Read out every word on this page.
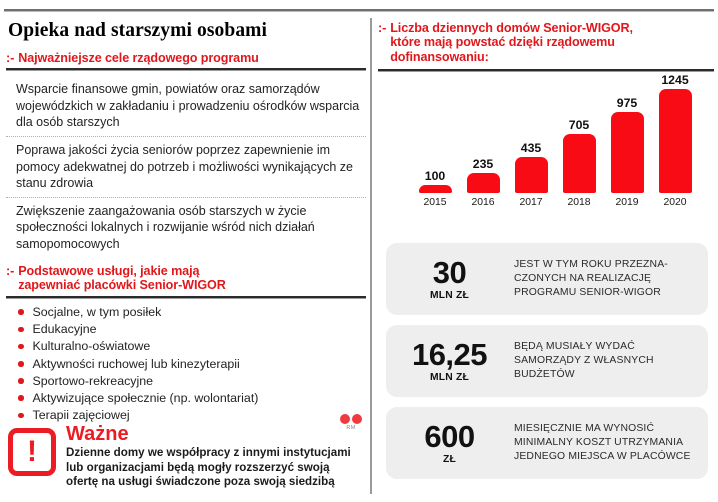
Opieka nad starszymi osobami
:- Najważniejsze cele rządowego programu
Wsparcie finansowe gmin, powiatów oraz samorządów wojewódzkich w zakładaniu i prowadzeniu ośrodków wsparcia dla osób starszych
Poprawa jakości życia seniorów poprzez zapewnienie im pomocy adekwatnej do potrzeb i możliwości wynikających ze stanu zdrowia
Zwiększenie zaangażowania osób starszych w życie społeczności lokalnych i rozwijanie wśród nich działań samopomocowych
:- Podstawowe usługi, jakie mają
zapewniać placówki Senior-WIGOR
Socjalne, w tym posiłek
Edukacyjne
Kulturalno-oświatowe
Aktywności ruchowej lub kinezyterapii
Sportowo-rekreacyjne
Aktywizujące społecznie (np. wolontariat)
Terapii zajęciowej
RM
!
Ważne
Dzienne domy we współpracy z innymi instytucjami lub organizacjami będą mogły rozszerzyć swoją ofertę na usługi świadczone poza swoją siedzibą
:- Liczba dziennych domów Senior-WIGOR,
które mają powstać dzięki rządowemu
dofinansowaniu:
100
235
435
705
975
1245
2015	2016	2017	2018	2019	2020
30
MLN ZŁ
JEST W TYM ROKU PRZEZNA-CZONYCH NA REALIZACJĘ PROGRAMU SENIOR-WIGOR
16,25
MLN ZŁ
BĘDĄ MUSIAŁY WYDAĆ SAMORZĄDY Z WŁASNYCH BUDŻETÓW
600
ZŁ
MIESIĘCZNIE MA WYNOSIĆ MINIMALNY KOSZT UTRZYMANIA JEDNEGO MIEJSCA W PLACÓWCE
